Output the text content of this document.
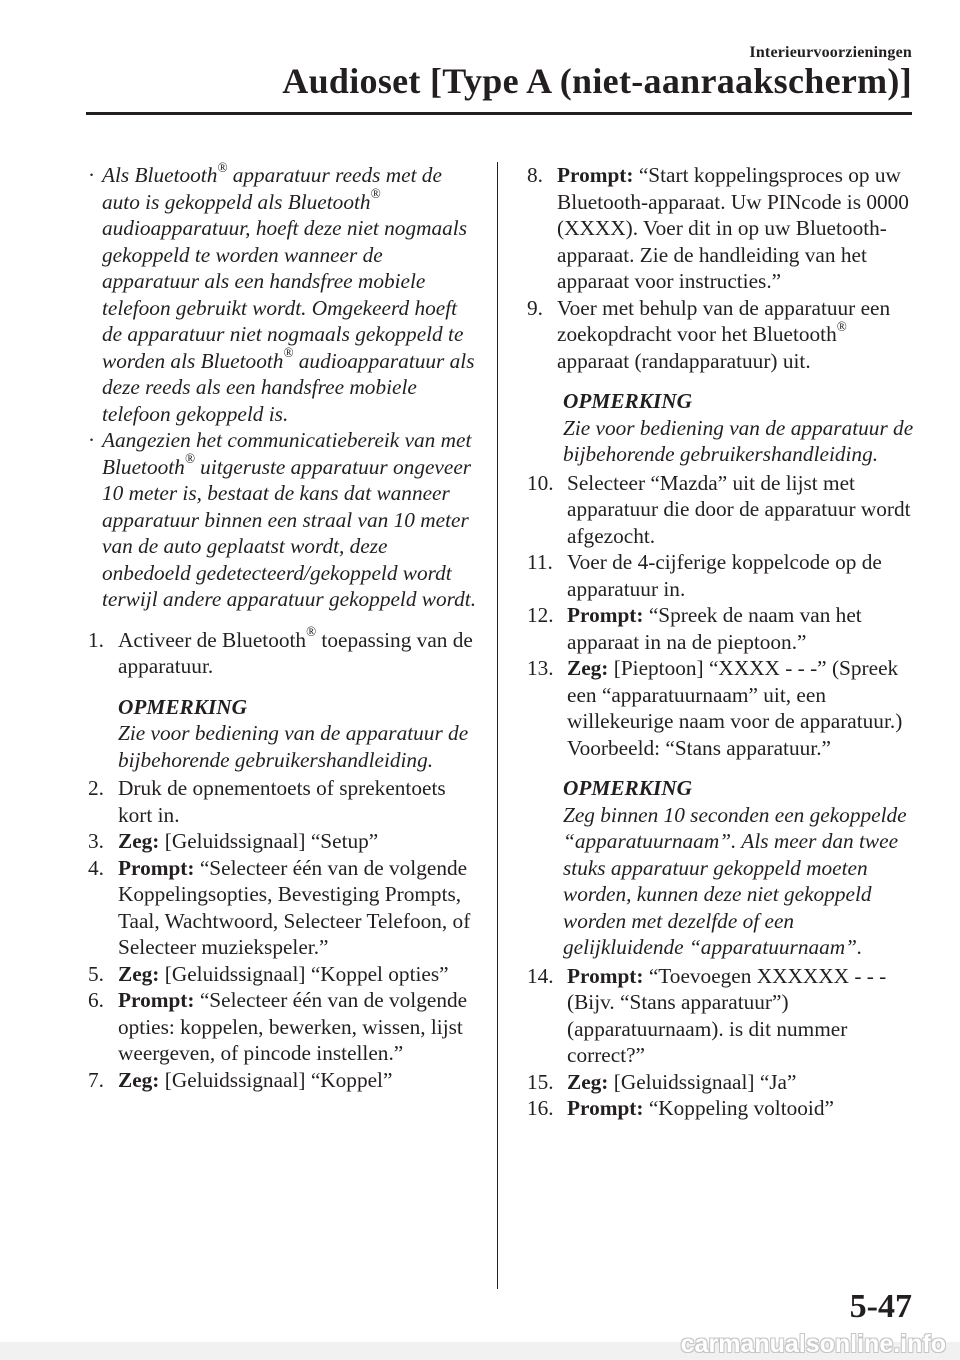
Interieurvoorzieningen
Audioset [Type A (niet-aanraakscherm)]
· Als Bluetooth® apparatuur reeds met de auto is gekoppeld als Bluetooth® audioapparatuur, hoeft deze niet nogmaals gekoppeld te worden wanneer de apparatuur als een handsfree mobiele telefoon gebruikt wordt. Omgekeerd hoeft de apparatuur niet nogmaals gekoppeld te worden als Bluetooth® audioapparatuur als deze reeds als een handsfree mobiele telefoon gekoppeld is.
· Aangezien het communicatiebereik van met Bluetooth® uitgeruste apparatuur ongeveer 10 meter is, bestaat de kans dat wanneer apparatuur binnen een straal van 10 meter van de auto geplaatst wordt, deze onbedoeld gedetecteerd/gekoppeld wordt terwijl andere apparatuur gekoppeld wordt.
1. Activeer de Bluetooth® toepassing van de apparatuur.
OPMERKING
Zie voor bediening van de apparatuur de bijbehorende gebruikershandleiding.
2. Druk de opnementoets of sprekentoets kort in.
3. Zeg: [Geluidssignaal] “Setup”
4. Prompt: “Selecteer één van de volgende Koppelingsopties, Bevestiging Prompts, Taal, Wachtwoord, Selecteer Telefoon, of Selecteer muziekspeler.”
5. Zeg: [Geluidssignaal] “Koppel opties”
6. Prompt: “Selecteer één van de volgende opties: koppelen, bewerken, wissen, lijst weergeven, of pincode instellen.”
7. Zeg: [Geluidssignaal] “Koppel”
8. Prompt: “Start koppelingsproces op uw Bluetooth-apparaat. Uw PINcode is 0000 (XXXX). Voer dit in op uw Bluetooth-apparaat. Zie de handleiding van het apparaat voor instructies.”
9. Voer met behulp van de apparatuur een zoekopdracht voor het Bluetooth® apparaat (randapparatuur) uit.
OPMERKING
Zie voor bediening van de apparatuur de bijbehorende gebruikershandleiding.
10. Selecteer “Mazda” uit de lijst met apparatuur die door de apparatuur wordt afgezocht.
11. Voer de 4-cijferige koppelcode op de apparatuur in.
12. Prompt: “Spreek de naam van het apparaat in na de pieptoon.”
13. Zeg: [Pieptoon] “XXXX - - -” (Spreek een “apparatuurnaam” uit, een willekeurige naam voor de apparatuur.) Voorbeeld: “Stans apparatuur.”
OPMERKING
Zeg binnen 10 seconden een gekoppelde “apparatuurnaam”. Als meer dan twee stuks apparatuur gekoppeld moeten worden, kunnen deze niet gekoppeld worden met dezelfde of een gelijkluidende “apparatuurnaam”.
14. Prompt: “Toevoegen XXXXXX - - - (Bijv. “Stans apparatuur”) (apparatuurnaam). is dit nummer correct?”
15. Zeg: [Geluidssignaal] “Ja”
16. Prompt: “Koppeling voltooid”
5-47
carmanualsonline.info
